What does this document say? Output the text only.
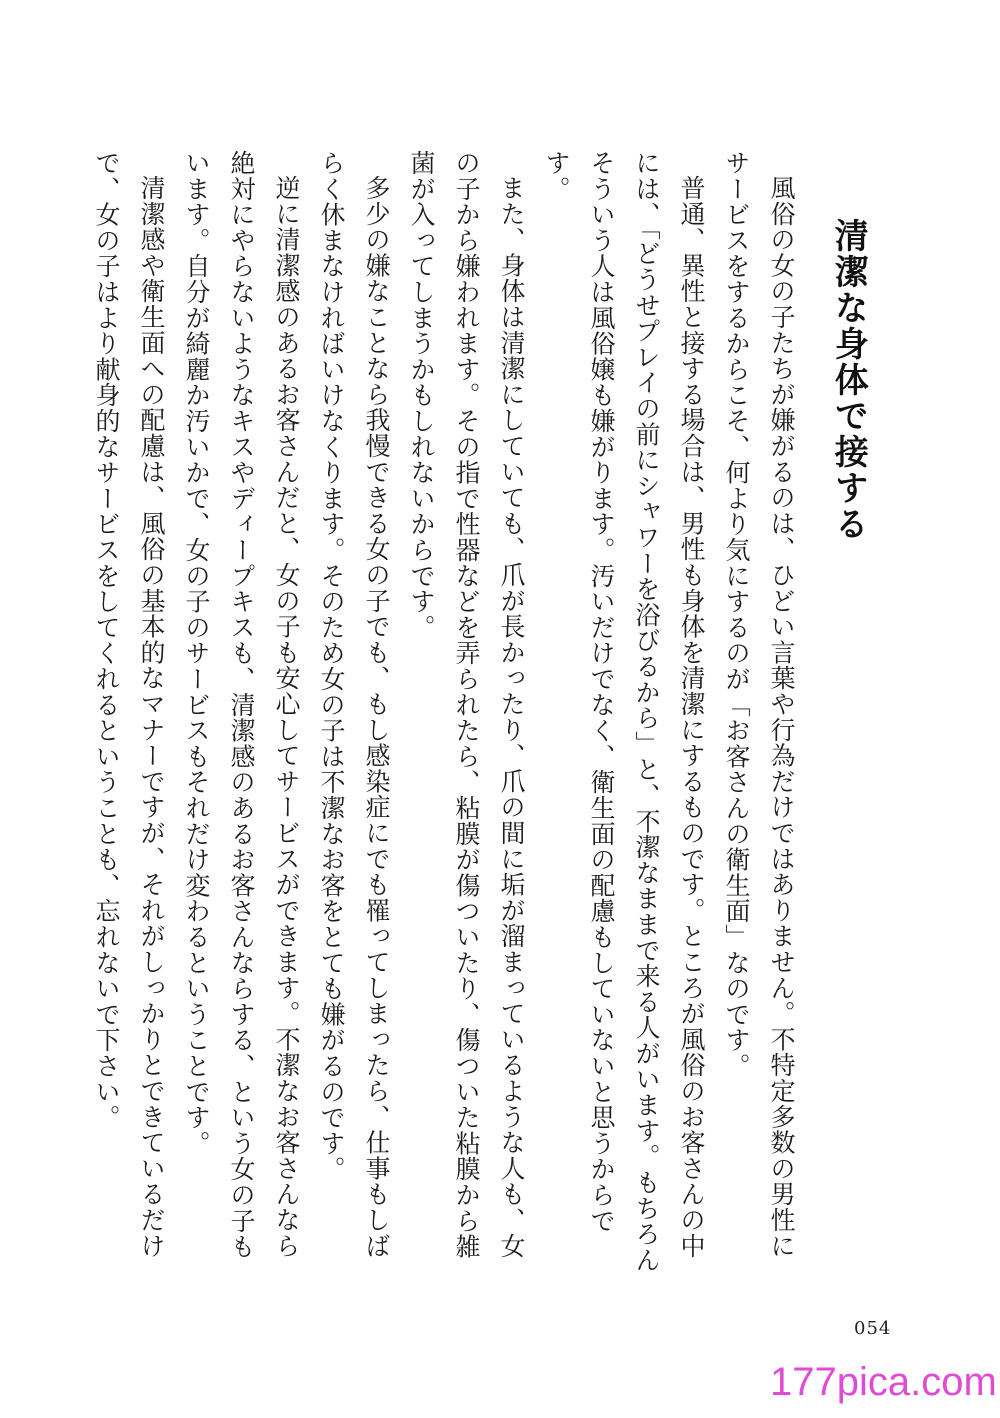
清潔な身体で接する

風俗の女の子たちが嫌がるのは、ひどい言葉や行為だけではありません。不特定多数の男性にサービスをするからこそ、何より気にするのが「お客さんの衛生面」なのです。

普通、異性と接する場合は、男性も身体を清潔にするものです。ところが風俗のお客さんの中には、「どうせプレイの前にシャワーを浴びるから」と、不潔なままで来る人がいます。もちろんそういう人は風俗嬢も嫌がります。汚いだけでなく、衛生面の配慮もしていないと思うからです。

また、身体は清潔にしていても、爪が長かったり、爪の間に垢が溜まっているような人も、女の子から嫌われます。その指で性器などを弄られたら、粘膜が傷ついたり、傷ついた粘膜から雑菌が入ってしまうかもしれないからです。

多少の嫌なことなら我慢できる女の子でも、もし感染症にでも罹ってしまったら、仕事もしばらく休まなければいけなくります。そのため女の子は不潔なお客をとても嫌がるのです。

逆に清潔感のあるお客さんだと、女の子も安心してサービスができます。不潔なお客さんなら絶対にやらないようなキスやディープキスも、清潔感のあるお客さんならする、という女の子もいます。自分が綺麗か汚いかで、女の子のサービスもそれだけ変わるということです。

清潔感や衛生面への配慮は、風俗の基本的なマナーですが、それがしっかりとできているだけで、女の子はより献身的なサービスをしてくれるということも、忘れないで下さい。

054
177pica.com
